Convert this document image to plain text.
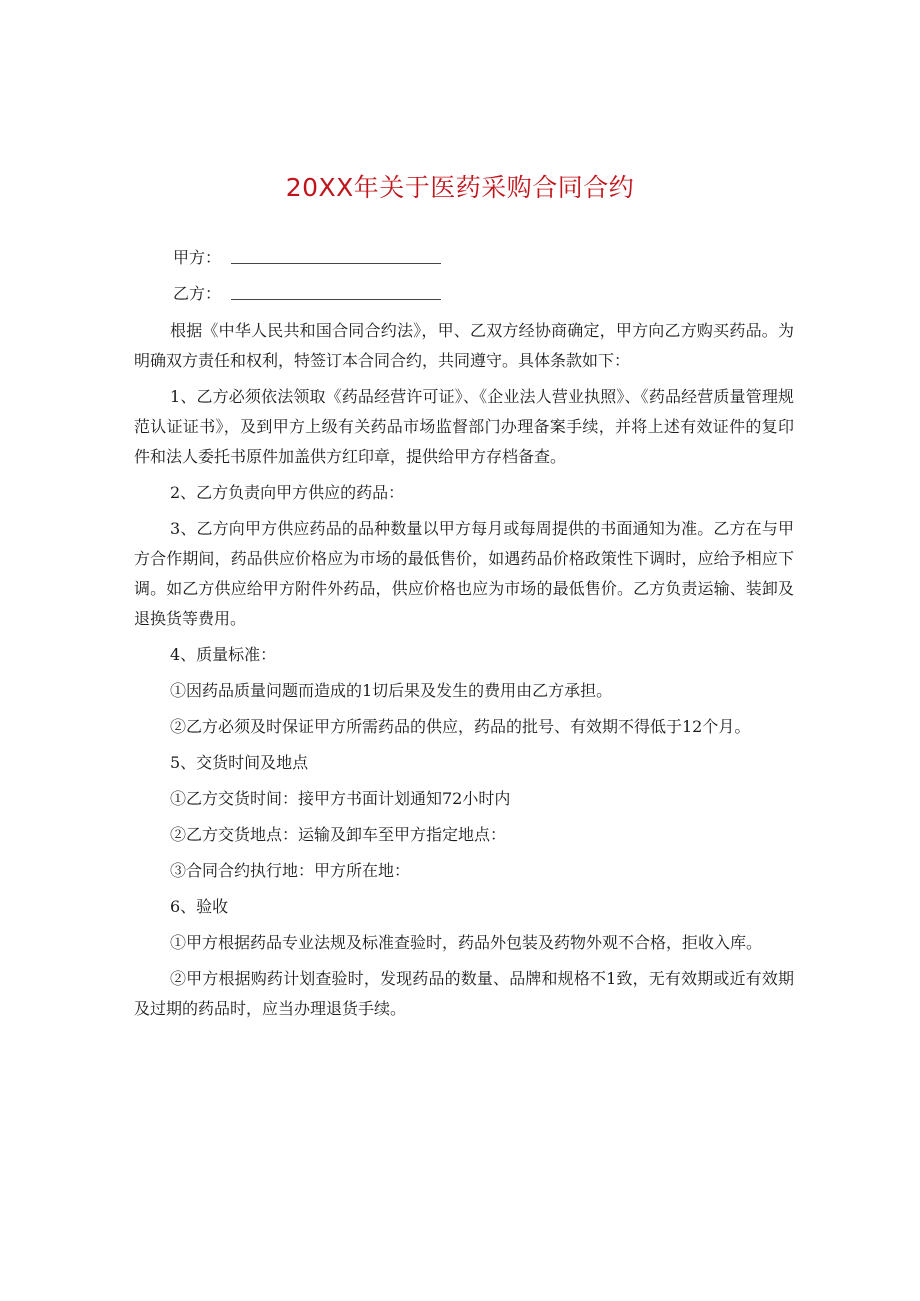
20XX年关于医药采购合同合约
甲方：
乙方：

根据《中华人民共和国合同合约法》，甲、乙双方经协商确定，甲方向乙方购买药品。为明确双方责任和权利，特签订本合同合约，共同遵守。具体条款如下：

1、乙方必须依法领取《药品经营许可证》、《企业法人营业执照》、《药品经营质量管理规范认证证书》，及到甲方上级有关药品市场监督部门办理备案手续，并将上述有效证件的复印件和法人委托书原件加盖供方红印章，提供给甲方存档备查。

2、乙方负责向甲方供应的药品：

3、乙方向甲方供应药品的品种数量以甲方每月或每周提供的书面通知为准。乙方在与甲方合作期间，药品供应价格应为市场的最低售价，如遇药品价格政策性下调时，应给予相应下调。如乙方供应给甲方附件外药品，供应价格也应为市场的最低售价。乙方负责运输、装卸及退换货等费用。

4、质量标准：

①因药品质量问题而造成的1切后果及发生的费用由乙方承担。

②乙方必须及时保证甲方所需药品的供应，药品的批号、有效期不得低于12个月。

5、交货时间及地点

①乙方交货时间：接甲方书面计划通知72小时内

②乙方交货地点：运输及卸车至甲方指定地点：

③合同合约执行地：甲方所在地：

6、验收

①甲方根据药品专业法规及标准查验时，药品外包装及药物外观不合格，拒收入库。

②甲方根据购药计划查验时，发现药品的数量、品牌和规格不1致，无有效期或近有效期及过期的药品时，应当办理退货手续。
